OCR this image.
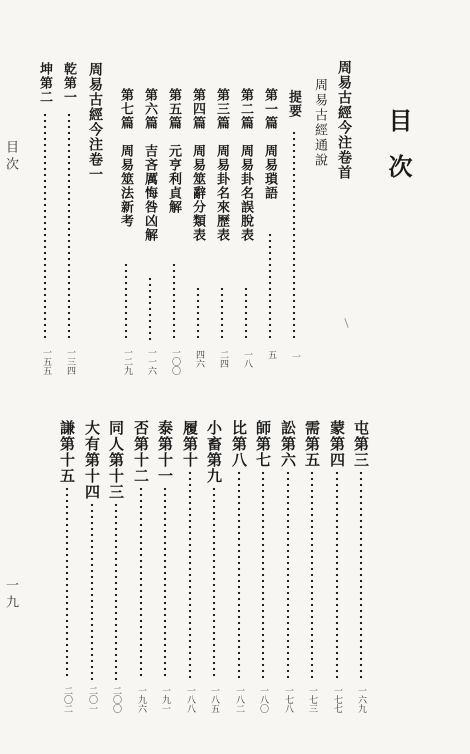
目次
目次
一九
周易古經今注卷首
周易古經通說
提要
一
第一篇　周易瑣語
五
第二篇　周易卦名誤脫表
一八
第三篇　周易卦名來歷表
二四
第四篇　周易筮辭分類表
四六
第五篇　元亨利貞解
一〇〇
第六篇　吉吝厲悔咎凶解
一一六
第七篇　周易筮法新考
一二九
周易古經今注卷一
乾第一
一三四
坤第二
一五五
屯第三
一六九
蒙第四
一七七
需第五
一七三
訟第六
一七八
師第七
一八〇
比第八
一八二
小畜第九
一八五
履第十
一八八
泰第十一
一九一
否第十二
一九六
同人第十三
二〇〇
大有第十四
二〇一
謙第十五
二〇二
